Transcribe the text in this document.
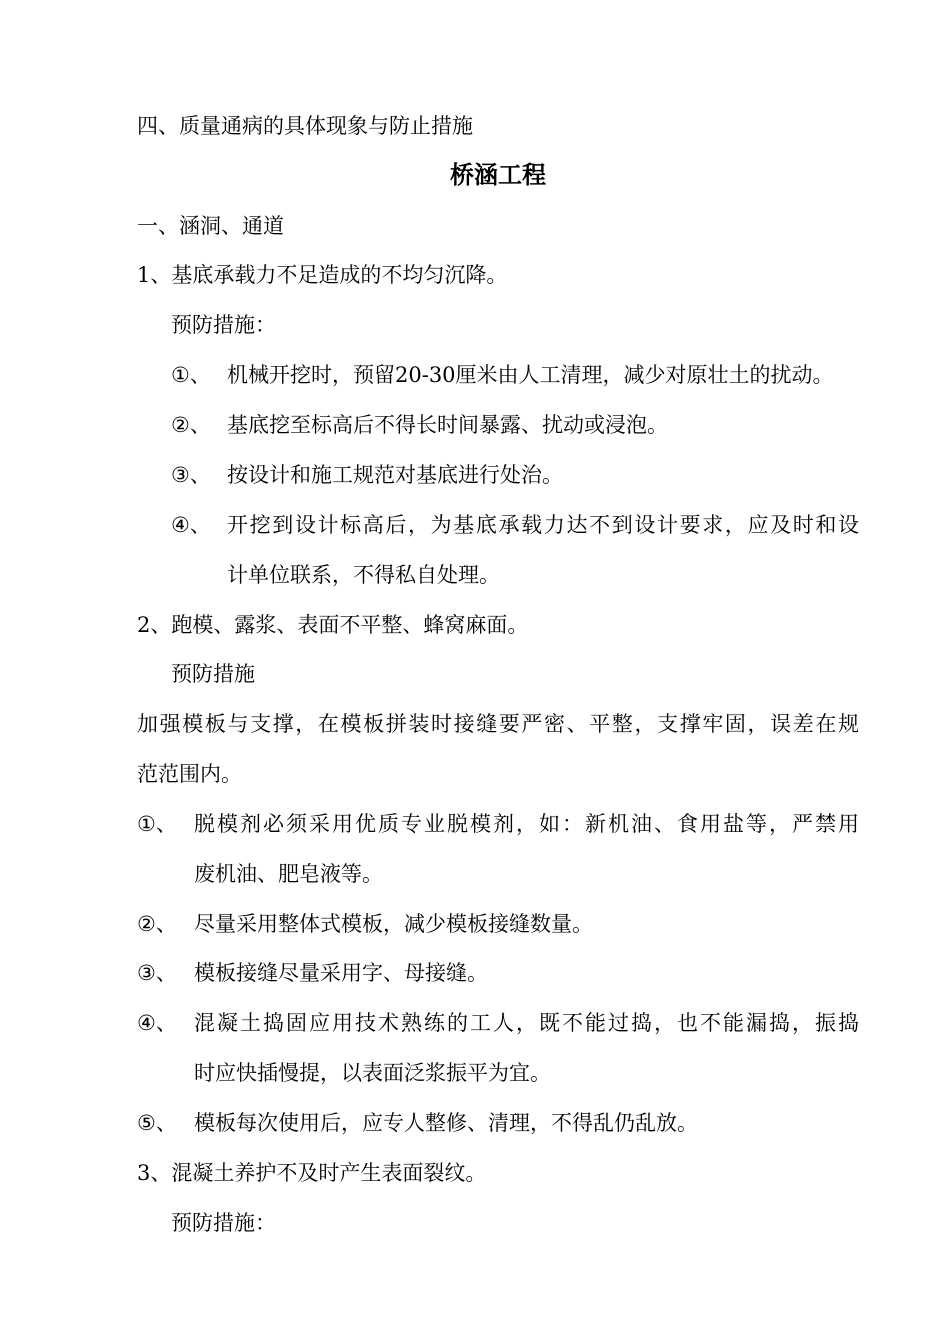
四、质量通病的具体现象与防止措施
桥涵工程
一、涵洞、通道
1、基底承载力不足造成的不均匀沉降。
预防措施：
①、 机械开挖时，预留20-30厘米由人工清理，减少对原壮土的扰动。
②、 基底挖至标高后不得长时间暴露、扰动或浸泡。
③、 按设计和施工规范对基底进行处治。
④、 开挖到设计标高后，为基底承载力达不到设计要求，应及时和设
计单位联系，不得私自处理。
2、跑模、露浆、表面不平整、蜂窝麻面。
预防措施
加强模板与支撑，在模板拼装时接缝要严密、平整，支撑牢固，误差在规
范范围内。
①、 脱模剂必须采用优质专业脱模剂，如：新机油、食用盐等，严禁用
废机油、肥皂液等。
②、 尽量采用整体式模板，减少模板接缝数量。
③、 模板接缝尽量采用字、母接缝。
④、 混凝土捣固应用技术熟练的工人，既不能过捣，也不能漏捣，振捣
时应快插慢提，以表面泛浆振平为宜。
⑤、 模板每次使用后，应专人整修、清理，不得乱仍乱放。
3、混凝土养护不及时产生表面裂纹。
预防措施：
